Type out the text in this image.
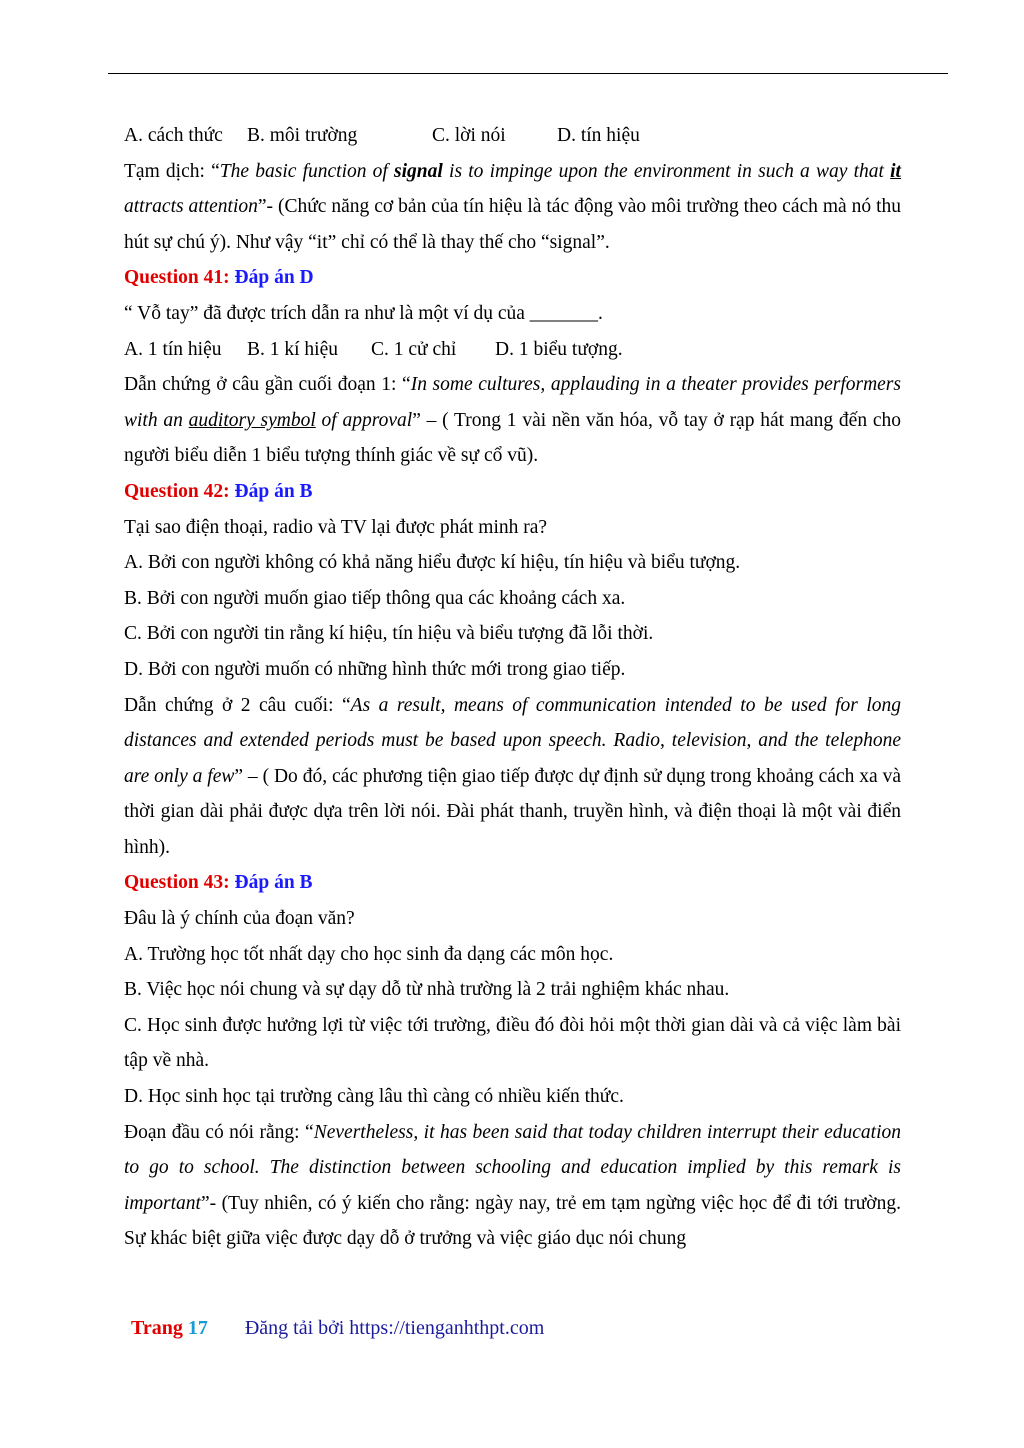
A. cách thức	B. môi trường	C. lời nói	D. tín hiệu

Tạm dịch: “The basic function of signal is to impinge upon the environment in such a way that it attracts attention”- (Chức năng cơ bản của tín hiệu là tác động vào môi trường theo cách mà nó thu hút sự chú ý). Như vậy “it” chỉ có thể là thay thế cho “signal”.

Question 41: Đáp án D

“ Vỗ tay” đã được trích dẫn ra như là một ví dụ của _______.

A. 1 tín hiệu	B. 1 kí hiệu	C. 1 cử chỉ	D. 1 biểu tượng.

Dẫn chứng ở câu gần cuối đoạn 1: “In some cultures, applauding in a theater provides performers with an auditory symbol of approval” – ( Trong 1 vài nền văn hóa, vỗ tay ở rạp hát mang đến cho người biểu diễn 1 biểu tượng thính giác về sự cổ vũ).

Question 42: Đáp án B

Tại sao điện thoại, radio và TV lại được phát minh ra?

A. Bởi con người không có khả năng hiểu được kí hiệu, tín hiệu và biểu tượng.

B. Bởi con người muốn giao tiếp thông qua các khoảng cách xa.

C. Bởi con người tin rằng kí hiệu, tín hiệu và biểu tượng đã lỗi thời.

D. Bởi con người muốn có những hình thức mới trong giao tiếp.

Dẫn chứng ở 2 câu cuối: “As a result, means of communication intended to be used for long distances and extended periods must be based upon speech. Radio, television, and the telephone are only a few” – ( Do đó, các phương tiện giao tiếp được dự định sử dụng trong khoảng cách xa và thời gian dài phải được dựa trên lời nói. Đài phát thanh, truyền hình, và điện thoại là một vài điển hình).

Question 43: Đáp án B

Đâu là ý chính của đoạn văn?

A. Trường học tốt nhất dạy cho học sinh đa dạng các môn học.

B. Việc học nói chung và sự dạy dỗ từ nhà trường là 2 trải nghiệm khác nhau.

C. Học sinh được hưởng lợi từ việc tới trường, điều đó đòi hỏi một thời gian dài và cả việc làm bài tập về nhà.

D. Học sinh học tại trường càng lâu thì càng có nhiều kiến thức.

Đoạn đầu có nói rằng: “Nevertheless, it has been said that today children interrupt their education to go to school. The distinction between schooling and education implied by this remark is important”- (Tuy nhiên, có ý kiến cho rằng: ngày nay, trẻ em tạm ngừng việc học để đi tới trường. Sự khác biệt giữa việc được dạy dỗ ở trưởng và việc giáo dục nói chung

Trang 17 Đăng tải bởi https://tienganhthpt.com
